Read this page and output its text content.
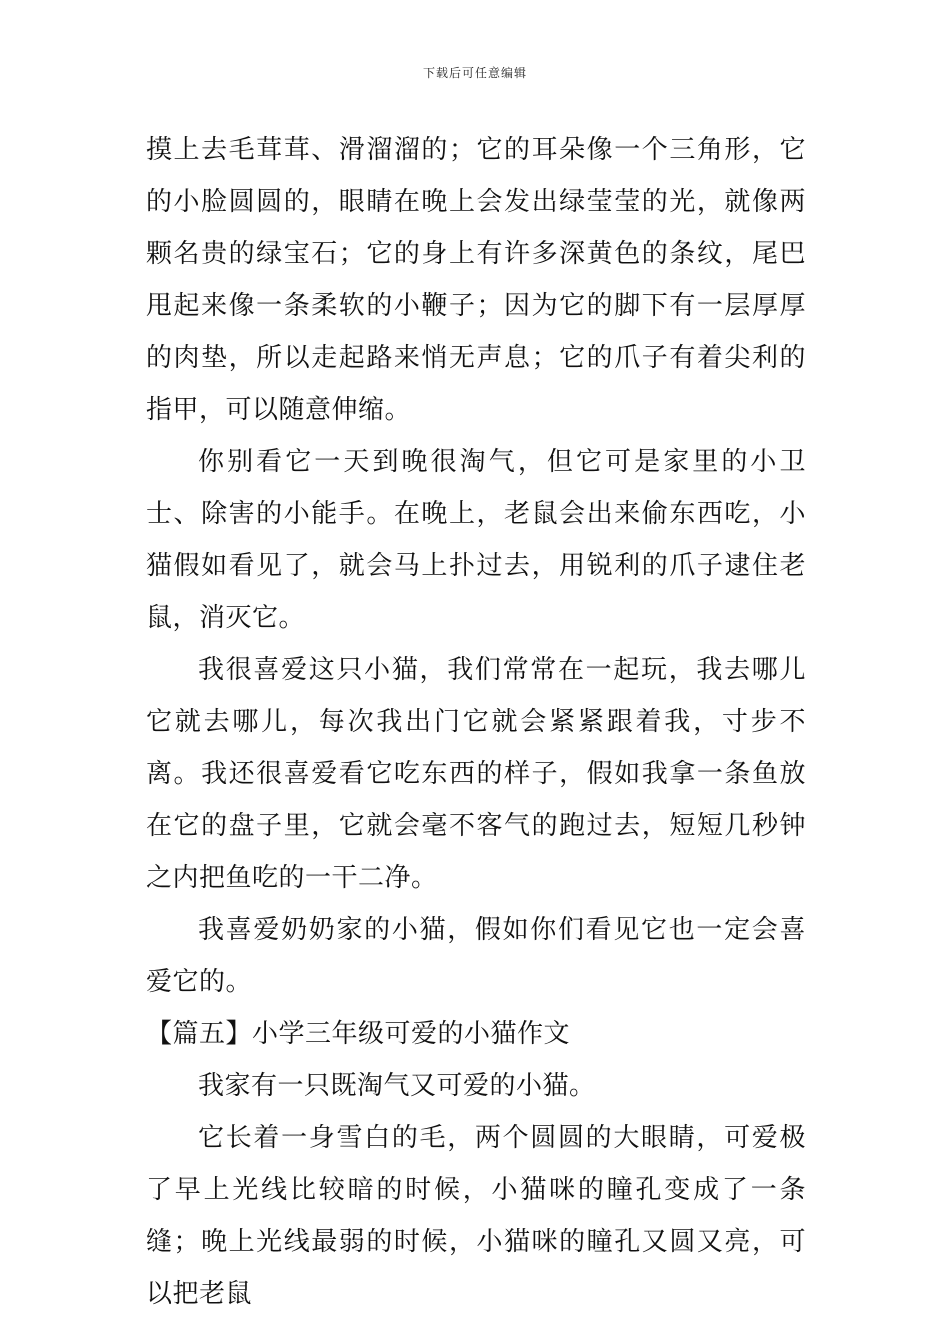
下载后可任意编辑

摸上去毛茸茸、滑溜溜的；它的耳朵像一个三角形，它的小脸圆圆的，眼睛在晚上会发出绿莹莹的光，就像两颗名贵的绿宝石；它的身上有许多深黄色的条纹，尾巴甩起来像一条柔软的小鞭子；因为它的脚下有一层厚厚的肉垫，所以走起路来悄无声息；它的爪子有着尖利的指甲，可以随意伸缩。

你别看它一天到晚很淘气，但它可是家里的小卫士、除害的小能手。在晚上，老鼠会出来偷东西吃，小猫假如看见了，就会马上扑过去，用锐利的爪子逮住老鼠，消灭它。

我很喜爱这只小猫，我们常常在一起玩，我去哪儿它就去哪儿，每次我出门它就会紧紧跟着我，寸步不离。我还很喜爱看它吃东西的样子，假如我拿一条鱼放在它的盘子里，它就会毫不客气的跑过去，短短几秒钟之内把鱼吃的一干二净。

我喜爱奶奶家的小猫，假如你们看见它也一定会喜爱它的。

【篇五】小学三年级可爱的小猫作文

我家有一只既淘气又可爱的小猫。

它长着一身雪白的毛，两个圆圆的大眼睛，可爱极了早上光线比较暗的时候，小猫咪的瞳孔变成了一条缝；晚上光线最弱的时候，小猫咪的瞳孔又圆又亮，可以把老鼠
